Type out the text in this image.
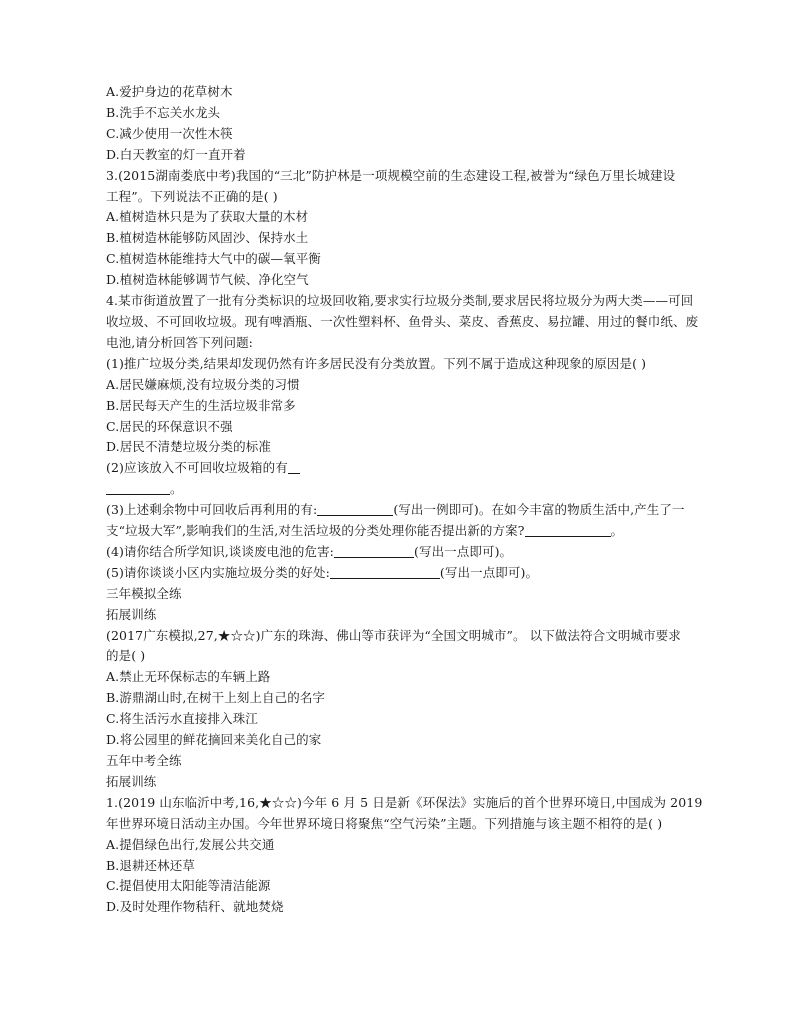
A.爱护身边的花草树木
B.洗手不忘关水龙头
C.减少使用一次性木筷
D.白天教室的灯一直开着
3.(2015湖南娄底中考)我国的“三北”防护林是一项规模空前的生态建设工程,被誉为“绿色万里长城建设
工程”。下列说法不正确的是( )
A.植树造林只是为了获取大量的木材
B.植树造林能够防风固沙、保持水土
C.植树造林能维持大气中的碳—氧平衡
D.植树造林能够调节气候、净化空气
4.某市街道放置了一批有分类标识的垃圾回收箱,要求实行垃圾分类制,要求居民将垃圾分为两大类——可回
收垃圾、不可回收垃圾。现有啤酒瓶、一次性塑料杯、鱼骨头、菜皮、香蕉皮、易拉罐、用过的餐巾纸、废
电池,请分析回答下列问题:
(1)推广垃圾分类,结果却发现仍然有许多居民没有分类放置。下列不属于造成这种现象的原因是( )
A.居民嫌麻烦,没有垃圾分类的习惯
B.居民每天产生的生活垃圾非常多
C.居民的环保意识不强
D.居民不清楚垃圾分类的标准
(2)应该放入不可回收垃圾箱的有
。
(3)上述剩余物中可回收后再利用的有:	(写出一例即可)。在如今丰富的物质生活中,产生了一
支“垃圾大军”,影响我们的生活,对生活垃圾的分类处理你能否提出新的方案?	。
(4)请你结合所学知识,谈谈废电池的危害:	(写出一点即可)。
(5)请你谈谈小区内实施垃圾分类的好处:	(写出一点即可)。
三年模拟全练
拓展训练
(2017广东模拟,27,★☆☆)广东的珠海、佛山等市获评为“全国文明城市”。 以下做法符合文明城市要求
的是( )
A.禁止无环保标志的车辆上路
B.游鼎湖山时,在树干上刻上自己的名字
C.将生活污水直接排入珠江
D.将公园里的鲜花摘回来美化自己的家
五年中考全练
拓展训练
1.(2019 山东临沂中考,16,★☆☆)今年 6 月 5 日是新《环保法》实施后的首个世界环境日,中国成为 2019
年世界环境日活动主办国。今年世界环境日将聚焦“空气污染”主题。下列措施与该主题不相符的是( )
A.提倡绿色出行,发展公共交通
B.退耕还林还草
C.提倡使用太阳能等清洁能源
D.及时处理作物秸秆、就地焚烧
